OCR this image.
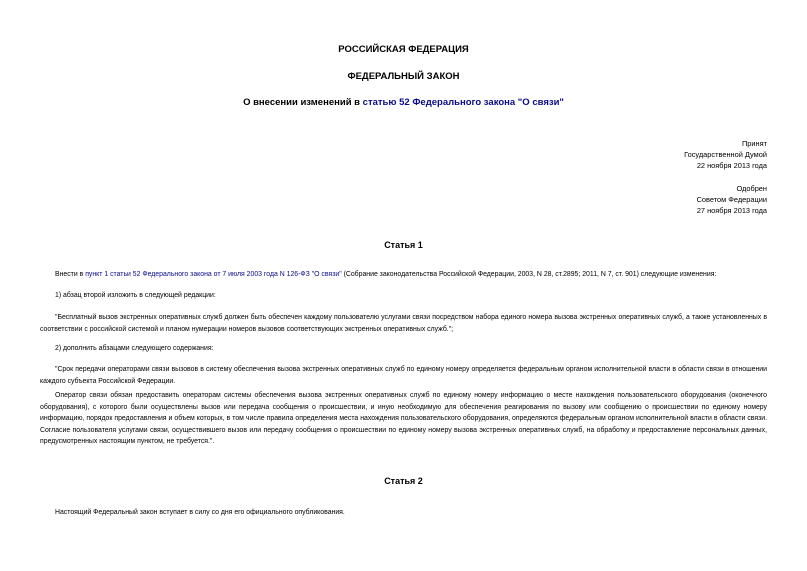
РОССИЙСКАЯ ФЕДЕРАЦИЯ
ФЕДЕРАЛЬНЫЙ ЗАКОН
О внесении изменений в статью 52 Федерального закона "О связи"
Принят
Государственной Думой
22 ноября 2013 года
Одобрен
Советом Федерации
27 ноября 2013 года
Статья 1
Внести в пункт 1 статьи 52 Федерального закона от 7 июля 2003 года N 126-ФЗ "О связи" (Собрание законодательства Российской Федерации, 2003, N 28, ст.2895; 2011, N 7, ст. 901) следующие изменения:
1) абзац второй изложить в следующей редакции:
"Бесплатный вызов экстренных оперативных служб должен быть обеспечен каждому пользователю услугами связи посредством набора единого номера вызова экстренных оперативных служб, а также установленных в соответствии с российской системой и планом нумерации номеров вызовов соответствующих экстренных оперативных служб.";
2) дополнить абзацами следующего содержания:
"Срок передачи операторами связи вызовов в систему обеспечения вызова экстренных оперативных служб по единому номеру определяется федеральным органом исполнительной власти в области связи в отношении каждого субъекта Российской Федерации.
Оператор связи обязан предоставить операторам системы обеспечения вызова экстренных оперативных служб по единому номеру информацию о месте нахождения пользовательского оборудования (оконечного оборудования), с которого были осуществлены вызов или передача сообщения о происшествии, и иную необходимую для обеспечения реагирования по вызову или сообщению о происшествии по единому номеру информацию, порядок предоставления и объем которых, в том числе правила определения места нахождения пользовательского оборудования, определяются федеральным органом исполнительной власти в области связи. Согласие пользователя услугами связи, осуществившего вызов или передачу сообщения о происшествии по единому номеру вызова экстренных оперативных служб, на обработку и предоставление персональных данных, предусмотренных настоящим пунктом, не требуется.".
Статья 2
Настоящий Федеральный закон вступает в силу со дня его официального опубликования.
